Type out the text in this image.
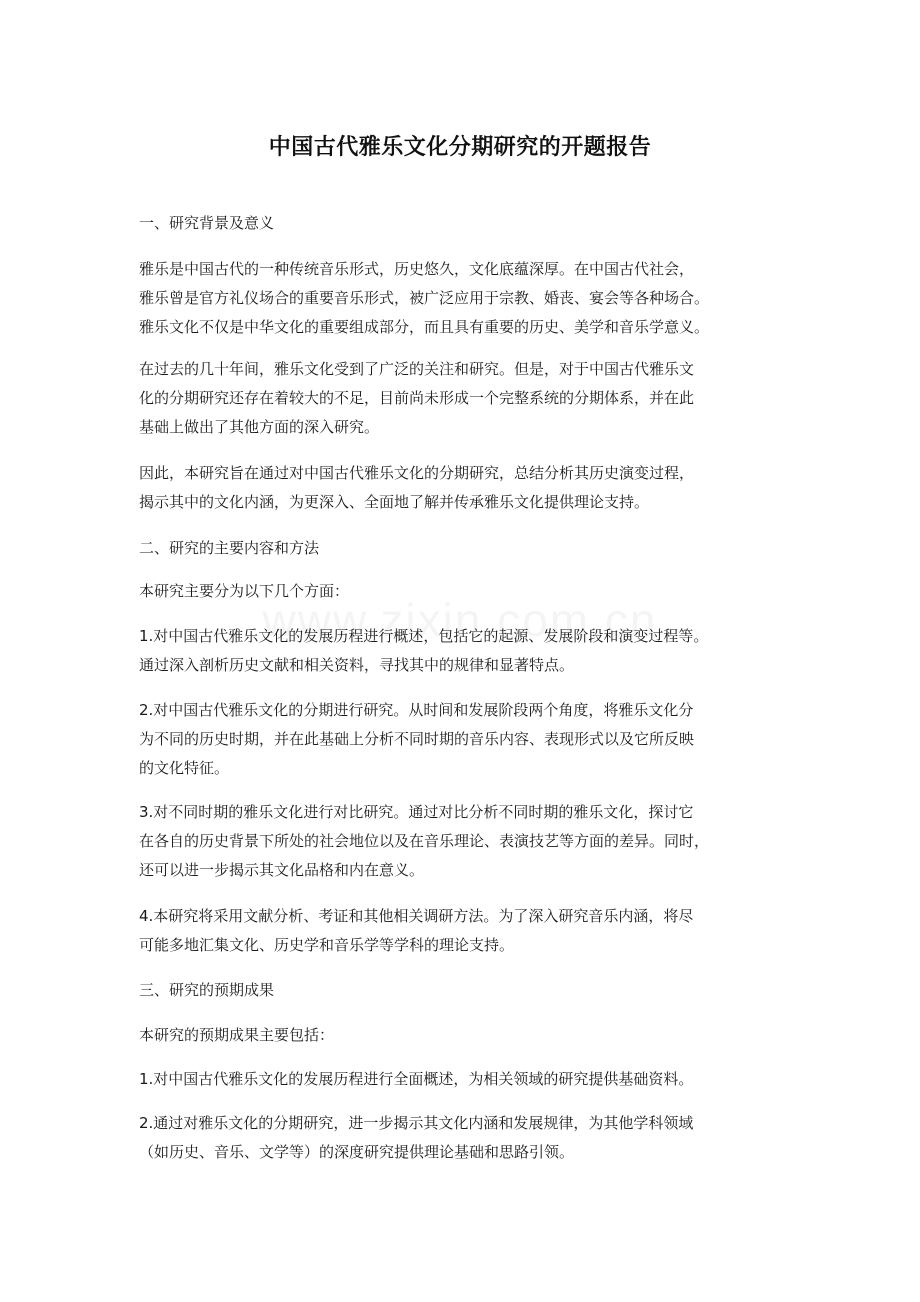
中国古代雅乐文化分期研究的开题报告
一、研究背景及意义
雅乐是中国古代的一种传统音乐形式，历史悠久，文化底蕴深厚。在中国古代社会，
雅乐曾是官方礼仪场合的重要音乐形式，被广泛应用于宗教、婚丧、宴会等各种场合。
雅乐文化不仅是中华文化的重要组成部分，而且具有重要的历史、美学和音乐学意义。
在过去的几十年间，雅乐文化受到了广泛的关注和研究。但是，对于中国古代雅乐文
化的分期研究还存在着较大的不足，目前尚未形成一个完整系统的分期体系，并在此
基础上做出了其他方面的深入研究。
因此，本研究旨在通过对中国古代雅乐文化的分期研究，总结分析其历史演变过程，
揭示其中的文化内涵，为更深入、全面地了解并传承雅乐文化提供理论支持。
二、研究的主要内容和方法
本研究主要分为以下几个方面：
1.对中国古代雅乐文化的发展历程进行概述，包括它的起源、发展阶段和演变过程等。
通过深入剖析历史文献和相关资料，寻找其中的规律和显著特点。
2.对中国古代雅乐文化的分期进行研究。从时间和发展阶段两个角度，将雅乐文化分
为不同的历史时期，并在此基础上分析不同时期的音乐内容、表现形式以及它所反映
的文化特征。
3.对不同时期的雅乐文化进行对比研究。通过对比分析不同时期的雅乐文化，探讨它
在各自的历史背景下所处的社会地位以及在音乐理论、表演技艺等方面的差异。同时，
还可以进一步揭示其文化品格和内在意义。
4.本研究将采用文献分析、考证和其他相关调研方法。为了深入研究音乐内涵，将尽
可能多地汇集文化、历史学和音乐学等学科的理论支持。
三、研究的预期成果
本研究的预期成果主要包括：
1.对中国古代雅乐文化的发展历程进行全面概述，为相关领域的研究提供基础资料。
2.通过对雅乐文化的分期研究，进一步揭示其文化内涵和发展规律，为其他学科领域
（如历史、音乐、文学等）的深度研究提供理论基础和思路引领。
